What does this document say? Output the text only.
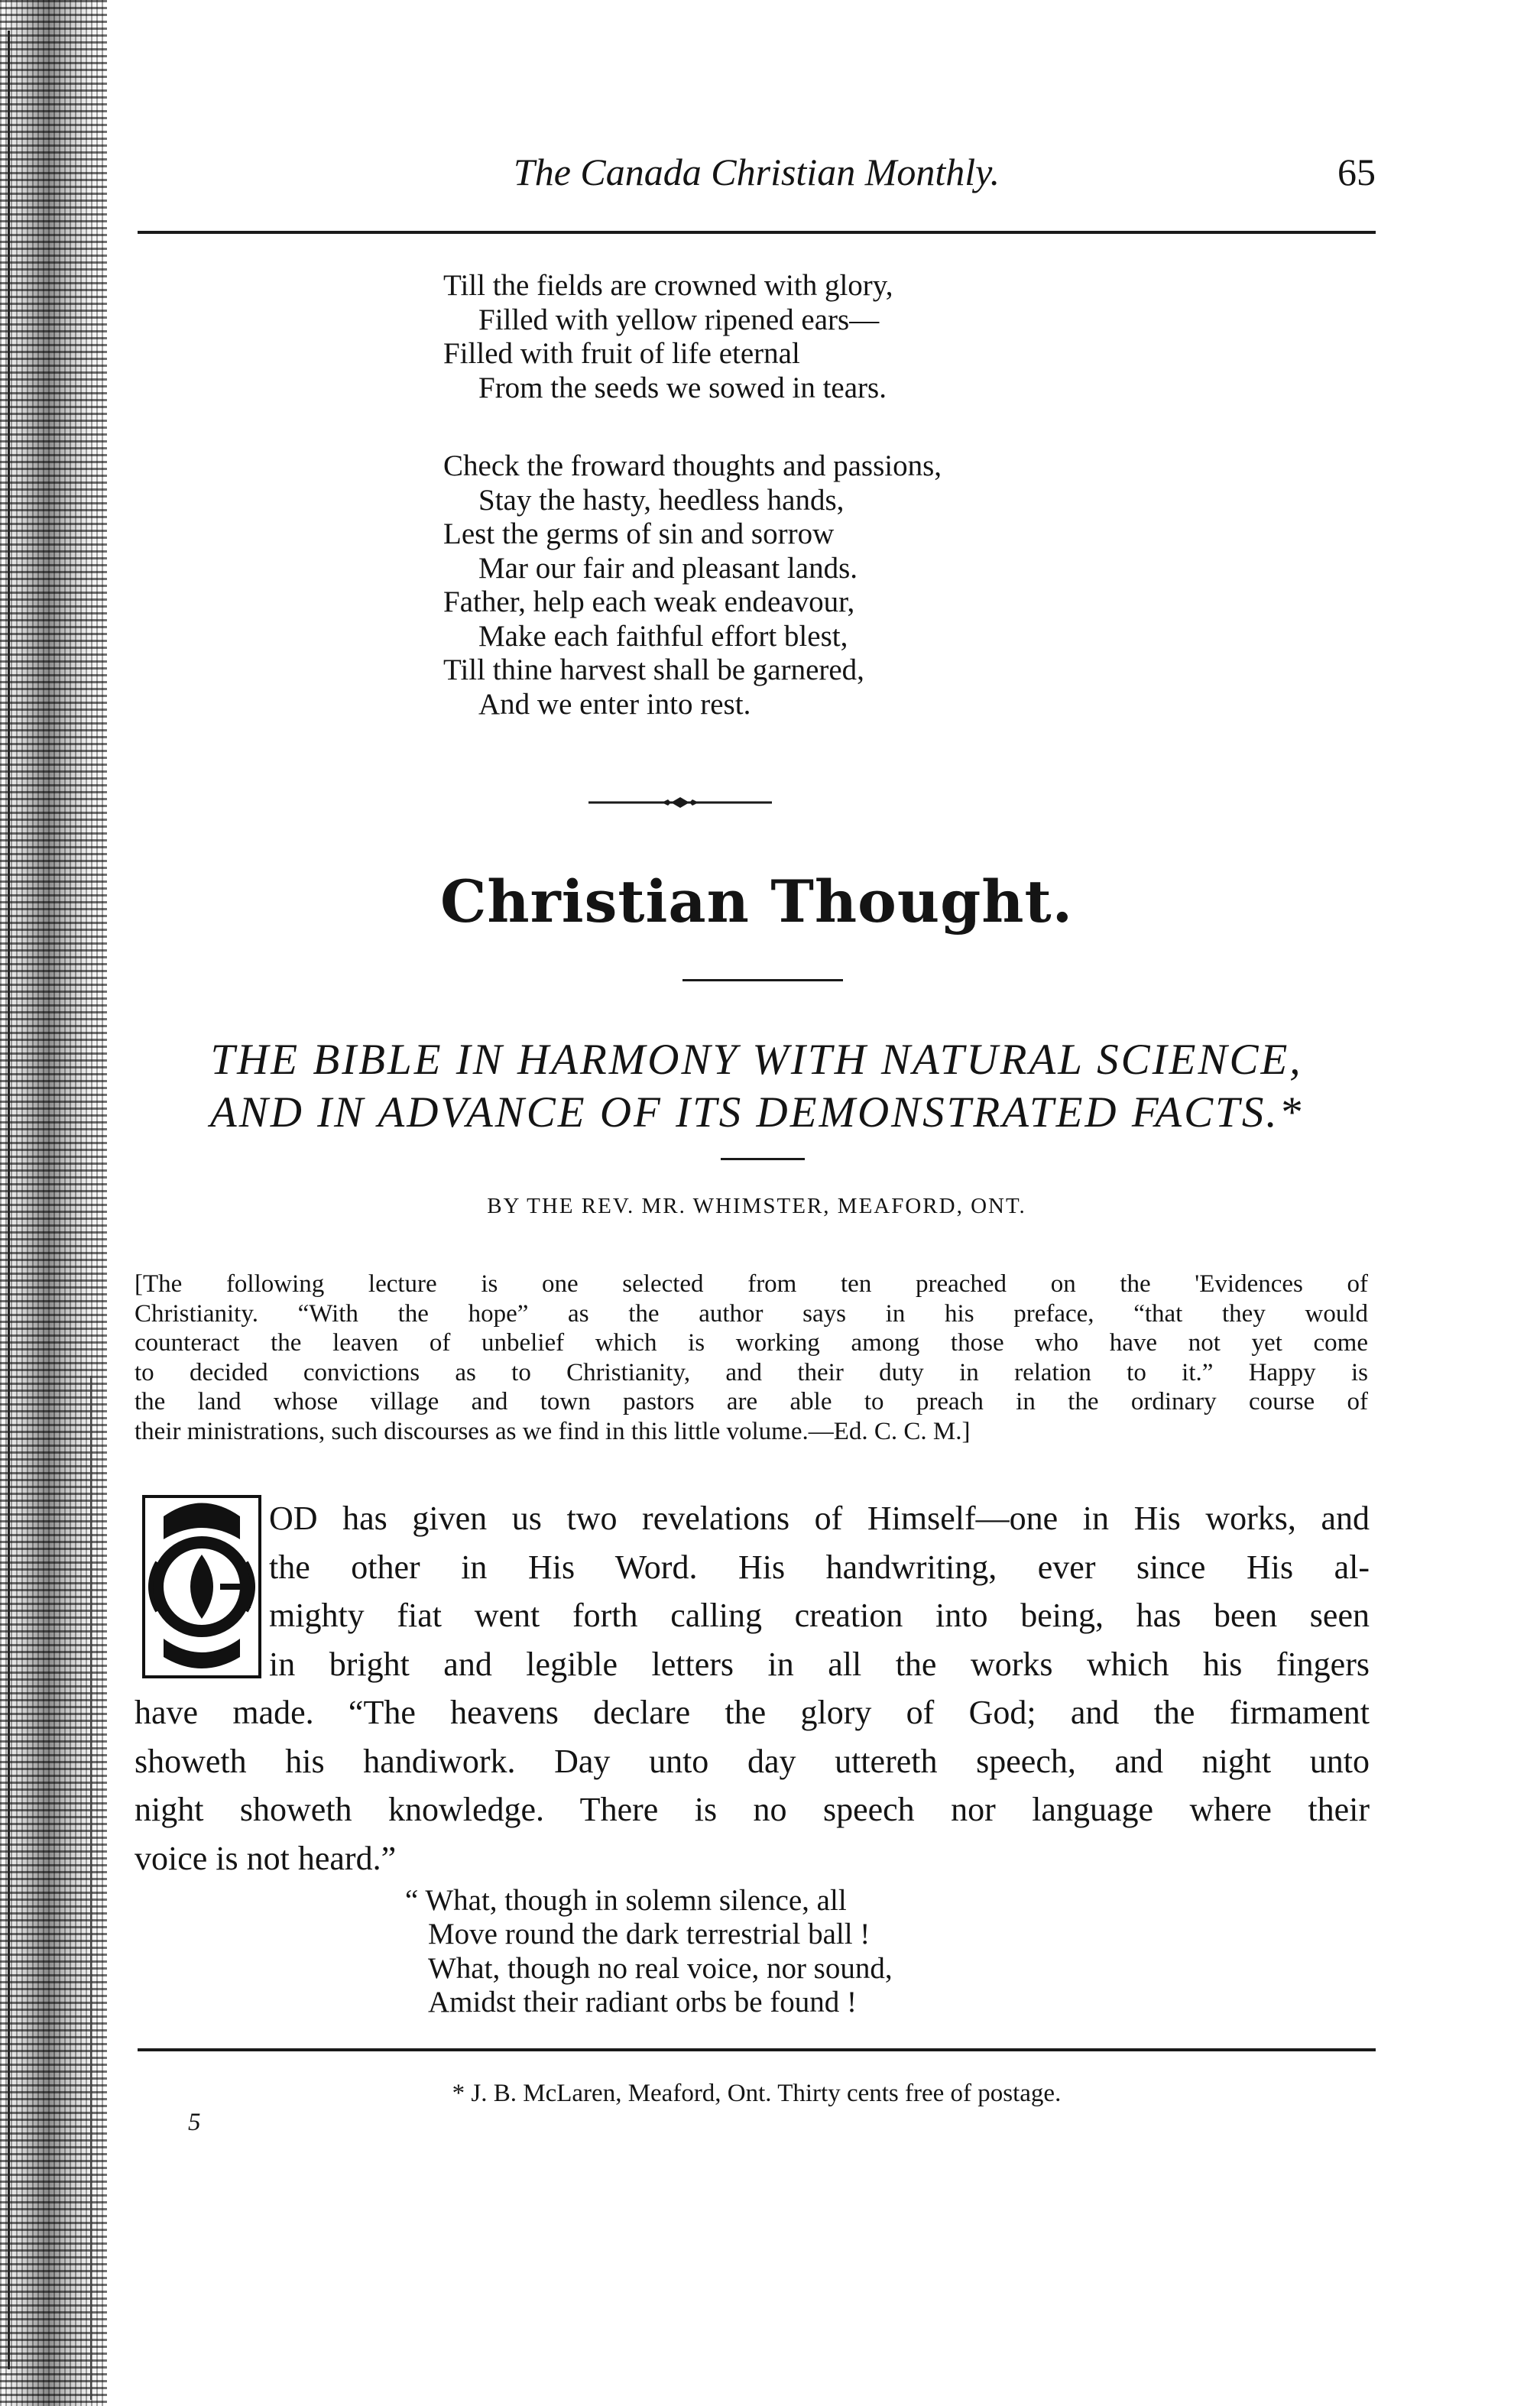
The Canada Christian Monthly.	65
Till the fields are crowned with glory,
Filled with yellow ripened ears—
Filled with fruit of life eternal
From the seeds we sowed in tears.
Check the froward thoughts and passions,
Stay the hasty, heedless hands,
Lest the germs of sin and sorrow
Mar our fair and pleasant lands.
Father, help each weak endeavour,
Make each faithful effort blest,
Till thine harvest shall be garnered,
And we enter into rest.
Christian Thought.
THE BIBLE IN HARMONY WITH NATURAL SCIENCE,
AND IN ADVANCE OF ITS DEMONSTRATED FACTS.*
BY THE REV. MR. WHIMSTER, MEAFORD, ONT.
[The following lecture is one selected from ten preached on the 'Evidences of
Christianity. “With the hope” as the author says in his preface, “that they would
counteract the leaven of unbelief which is working among those who have not yet come
to decided convictions as to Christianity, and their duty in relation to it.” Happy is
the land whose village and town pastors are able to preach in the ordinary course of
their ministrations, such discourses as we find in this little volume.—Ed. C. C. M.]
OD has given us two revelations of Himself—one in His works, and
the other in His Word. His handwriting, ever since His al-
mighty fiat went forth calling creation into being, has been seen
in bright and legible letters in all the works which his fingers
have made. “The heavens declare the glory of God; and the firmament
showeth his handiwork. Day unto day uttereth speech, and night unto
night showeth knowledge. There is no speech nor language where their
voice is not heard.”
“ What, though in solemn silence, all
Move round the dark terrestrial ball !
What, though no real voice, nor sound,
Amidst their radiant orbs be found !
* J. B. McLaren, Meaford, Ont. Thirty cents free of postage.
5
